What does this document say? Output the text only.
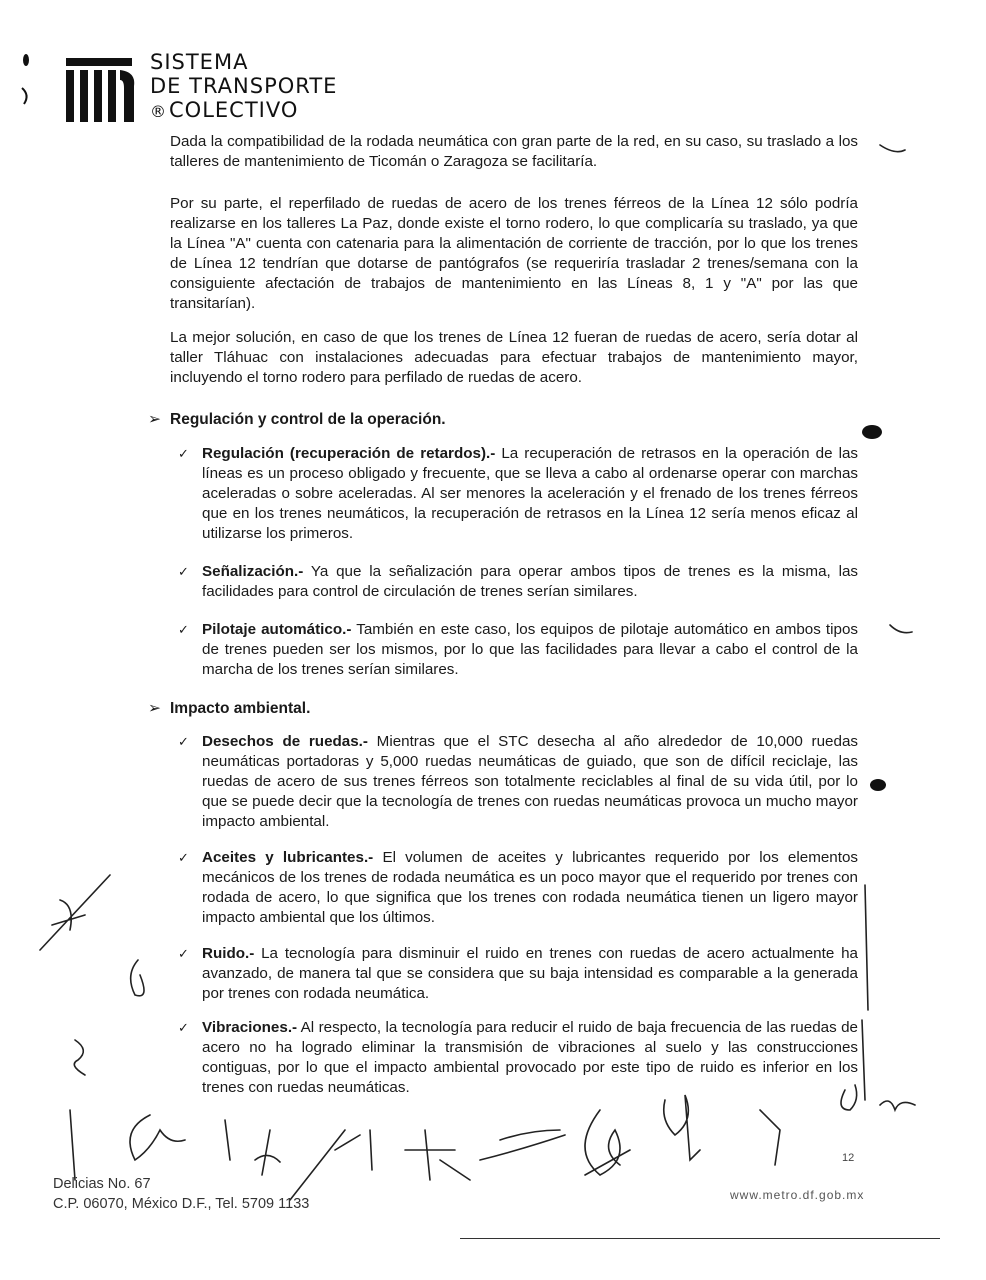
SISTEMA
DE TRANSPORTE
®COLECTIVO
Dada la compatibilidad de la rodada neumática con gran parte de la red, en su caso, su traslado a los talleres de mantenimiento de Ticomán o Zaragoza se facilitaría.
Por su parte, el reperfilado de ruedas de acero de los trenes férreos de la Línea 12 sólo podría realizarse en los talleres La Paz, donde existe el torno rodero, lo que complicaría su traslado, ya que la Línea "A" cuenta con catenaria para la alimentación de corriente de tracción, por lo que los trenes de Línea 12 tendrían que dotarse de pantógrafos (se requeriría trasladar 2 trenes/semana con la consiguiente afectación de trabajos de mantenimiento en las Líneas 8, 1 y "A" por las que transitarían).
La mejor solución, en caso de que los trenes de Línea 12 fueran de ruedas de acero, sería dotar al taller Tláhuac con instalaciones adecuadas para efectuar trabajos de mantenimiento mayor, incluyendo el torno rodero para perfilado de ruedas de acero.
➢ Regulación y control de la operación.
✓ Regulación (recuperación de retardos).- La recuperación de retrasos en la operación de las líneas es un proceso obligado y frecuente, que se lleva a cabo al ordenarse operar con marchas aceleradas o sobre aceleradas. Al ser menores la aceleración y el frenado de los trenes férreos que en los trenes neumáticos, la recuperación de retrasos en la Línea 12 sería menos eficaz al utilizarse los primeros.
✓ Señalización.- Ya que la señalización para operar ambos tipos de trenes es la misma, las facilidades para control de circulación de trenes serían similares.
✓ Pilotaje automático.- También en este caso, los equipos de pilotaje automático en ambos tipos de trenes pueden ser los mismos, por lo que las facilidades para llevar a cabo el control de la marcha de los trenes serían similares.
➢ Impacto ambiental.
✓ Desechos de ruedas.- Mientras que el STC desecha al año alrededor de 10,000 ruedas neumáticas portadoras y 5,000 ruedas neumáticas de guiado, que son de difícil reciclaje, las ruedas de acero de sus trenes férreos son totalmente reciclables al final de su vida útil, por lo que se puede decir que la tecnología de trenes con ruedas neumáticas provoca un mucho mayor impacto ambiental.
✓ Aceites y lubricantes.- El volumen de aceites y lubricantes requerido por los elementos mecánicos de los trenes de rodada neumática es un poco mayor que el requerido por trenes con rodada de acero, lo que significa que los trenes con rodada neumática tienen un ligero mayor impacto ambiental que los últimos.
✓ Ruido.- La tecnología para disminuir el ruido en trenes con ruedas de acero actualmente ha avanzado, de manera tal que se considera que su baja intensidad es comparable a la generada por trenes con rodada neumática.
✓ Vibraciones.- Al respecto, la tecnología para reducir el ruido de baja frecuencia de las ruedas de acero no ha logrado eliminar la transmisión de vibraciones al suelo y las construcciones contiguas, por lo que el impacto ambiental provocado por este tipo de ruido es inferior en los trenes con ruedas neumáticas.
Delicias No. 67
C.P. 06070, México D.F., Tel. 5709 1133
www.metro.df.gob.mx
12
